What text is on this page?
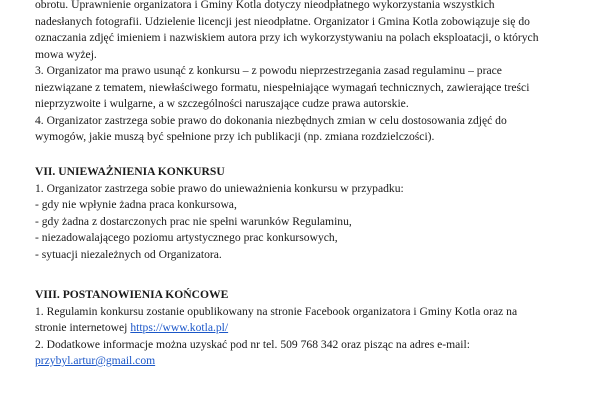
obrotu. Uprawnienie organizatora i Gminy Kotla dotyczy nieodpłatnego wykorzystania wszystkich
nadesłanych fotografii. Udzielenie licencji jest nieodpłatne. Organizator i Gmina Kotla zobowiązuje się do
oznaczania zdjęć imieniem i nazwiskiem autora przy ich wykorzystywaniu na polach eksploatacji, o których
mowa wyżej.
3. Organizator ma prawo usunąć z konkursu – z powodu nieprzestrzegania zasad regulaminu – prace
niezwiązane z tematem, niewłaściwego formatu, niespełniające wymagań technicznych, zawierające treści
nieprzyzwoite i wulgarne, a w szczególności naruszające cudze prawa autorskie.
4. Organizator zastrzega sobie prawo do dokonania niezbędnych zmian w celu dostosowania zdjęć do
wymogów, jakie muszą być spełnione przy ich publikacji (np. zmiana rozdzielczości).
VII. UNIEWAŻNIENIA KONKURSU
1. Organizator zastrzega sobie prawo do unieważnienia konkursu w przypadku:
- gdy nie wpłynie żadna praca konkursowa,
- gdy żadna z dostarczonych prac nie spełni warunków Regulaminu,
- niezadowalającego poziomu artystycznego prac konkursowych,
- sytuacji niezależnych od Organizatora.
VIII. POSTANOWIENIA KOŃCOWE
1. Regulamin konkursu zostanie opublikowany na stronie Facebook organizatora i Gminy Kotla oraz na
stronie internetowej https://www.kotla.pl/
2. Dodatkowe informacje można uzyskać pod nr tel. 509 768 342 oraz pisząc na adres e-mail:
przybyl.artur@gmail.com
